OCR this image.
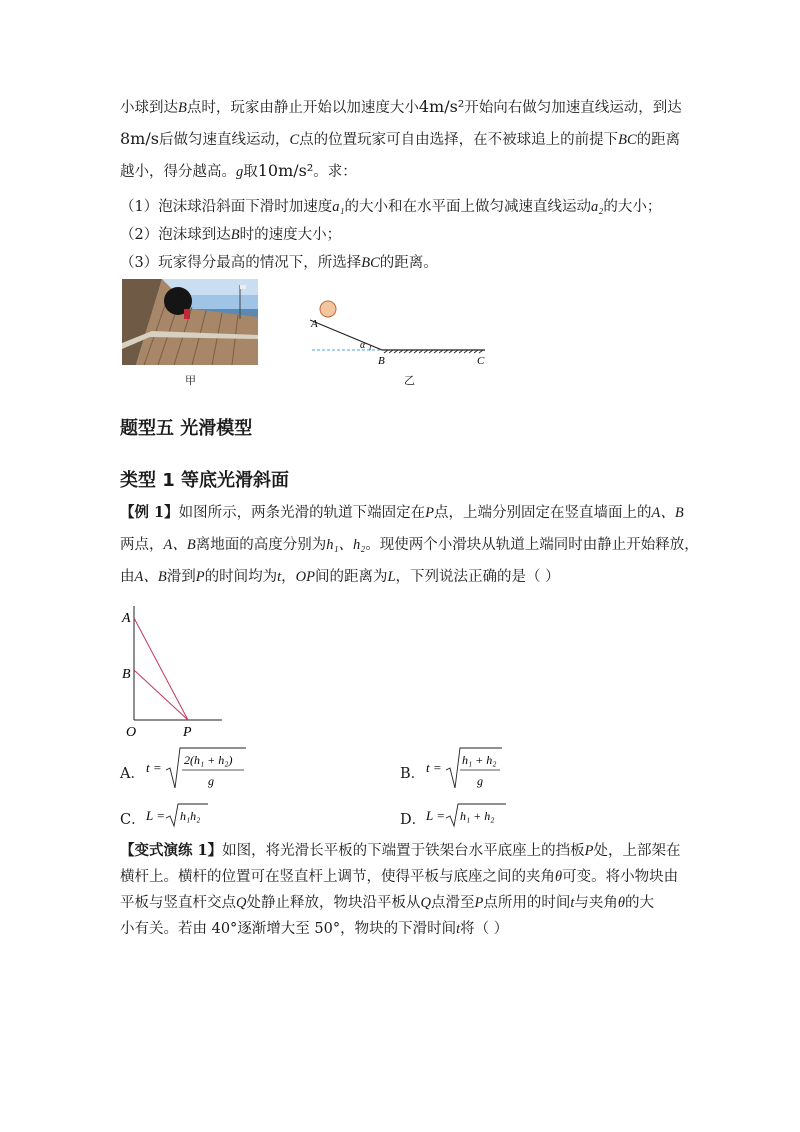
小球到达B点时，玩家由静止开始以加速度大小4m/s²开始向右做匀加速直线运动，到达
8m/s后做匀速直线运动，C点的位置玩家可自由选择，在不被球追上的前提下BC的距离
越小，得分越高。g取10m/s²。求：
（1）泡沫球沿斜面下滑时加速度a₁的大小和在水平面上做匀减速直线运动a₂的大小；
（2）泡沫球到达B时的速度大小；
（3）玩家得分最高的情况下，所选择BC的距离。
甲
A
α
B	C
乙
题型五 光滑模型
类型 1 等底光滑斜面
【例 1】如图所示，两条光滑的轨道下端固定在P点，上端分别固定在竖直墙面上的A、B
两点，A、B离地面的高度分别为h₁、h₂。现使两个小滑块从轨道上端同时由静止开始释放，
由A、B滑到P的时间均为t，OP间的距离为L，下列说法正确的是（ ）
A
B
O	P
A． t = 2(h₁ + h₂)
g	B． t = h₁ + h₂
g
C． L = h₁h₂	D． L = h₁ + h₂
【变式演练 1】如图，将光滑长平板的下端置于铁架台水平底座上的挡板P处，上部架在
横杆上。横杆的位置可在竖直杆上调节，使得平板与底座之间的夹角θ可变。将小物块由
平板与竖直杆交点Q处静止释放，物块沿平板从Q点滑至P点所用的时间t与夹角θ的大
小有关。若由 40°逐渐增大至 50°，物块的下滑时间t将（ ）
